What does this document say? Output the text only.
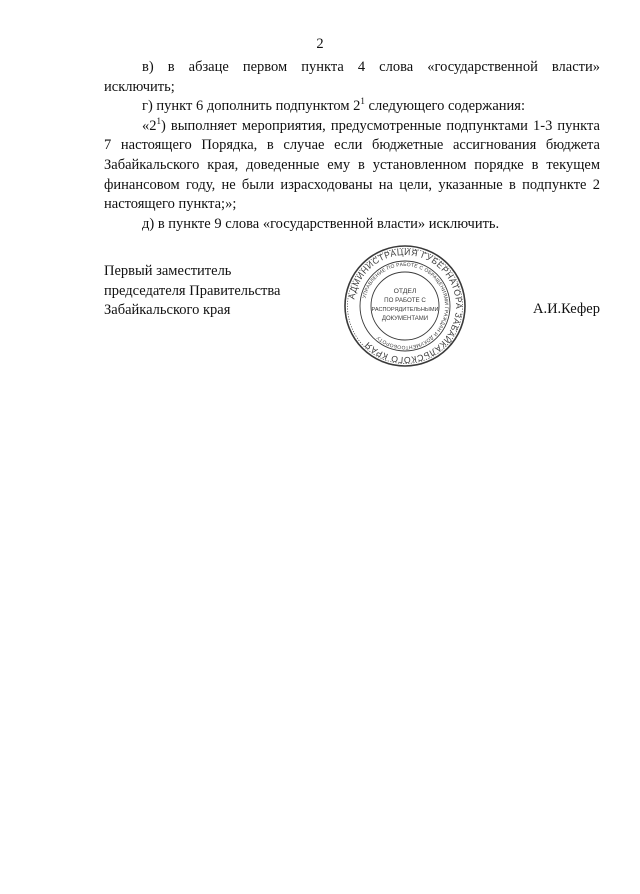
2

в) в абзаце первом пункта 4 слова «государственной власти»

исключить;

г) пункт 6 дополнить подпунктом $2^1$ следующего содержания:

«$2^1$) выполняет мероприятия, предусмотренные подпунктами 1-3 пункта 7 настоящего Порядка, в случае если бюджетные ассигнования бюджета Забайкальского края, доведенные ему в установленном порядке в текущем финансовом году, не были израсходованы на цели, указанные в подпункте 2 настоящего пункта;»;

д) в пункте 9 слова «государственной власти» исключить.

Первый заместитель
председателя Правительства
Забайкальского края	А.И.Кефер
АДМИНИСТРАЦИЯ ГУБЕРНАТОРА ЗАБАЙКАЛЬСКОГО КРАЯ
УПРАВЛЕНИЕ ПО РАБОТЕ С ОБРАЩЕНИЯМИ ГРАЖДАН И ДОКУМЕНТООБОРОТУ
ОТДЕЛ
ПО РАБОТЕ С
РАСПОРЯДИТЕЛЬНЫМИ
ДОКУМЕНТАМИ
